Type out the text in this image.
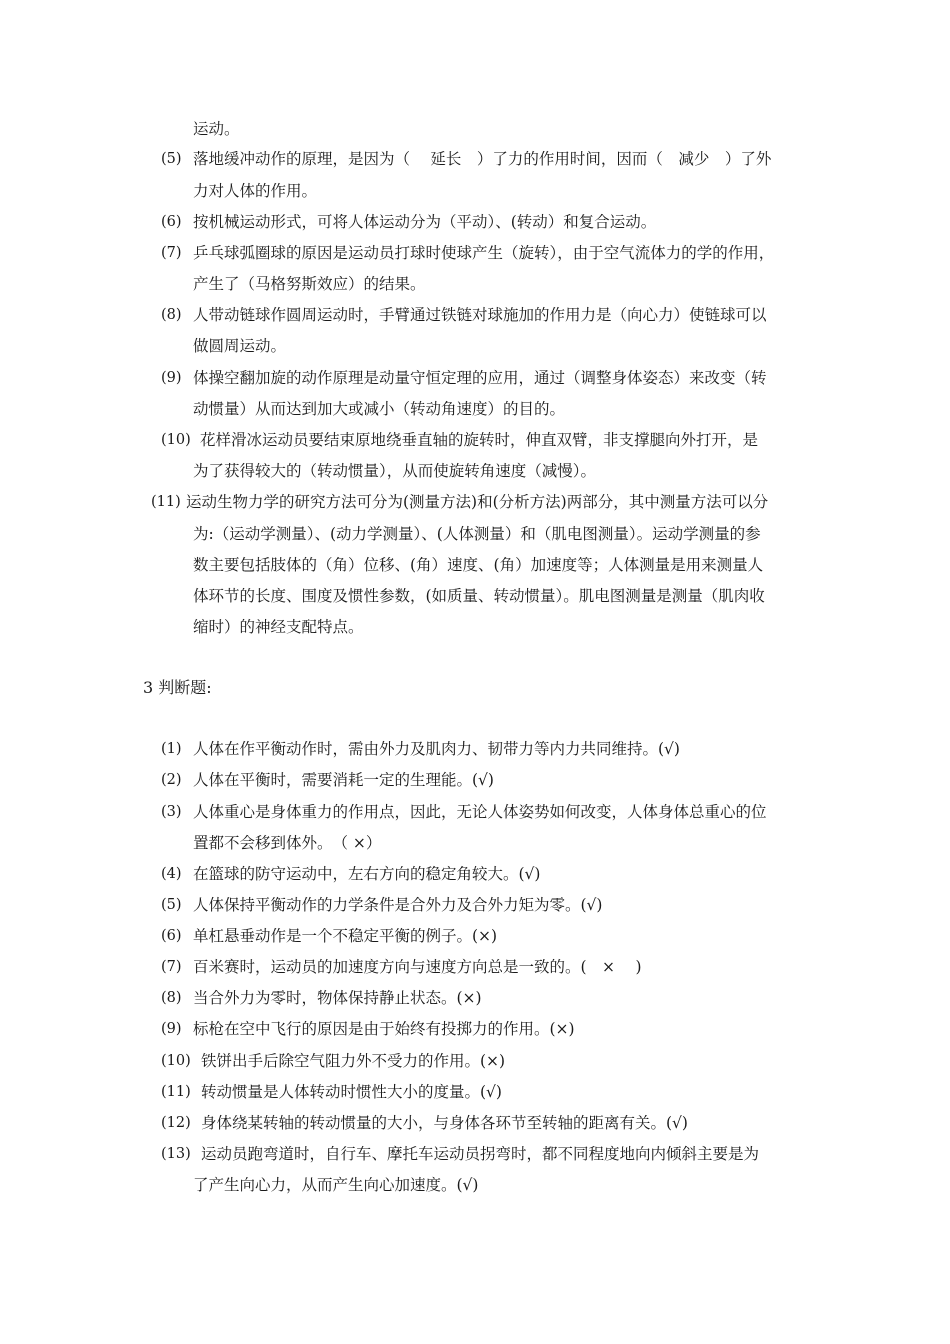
运动。
(5) 落地缓冲动作的原理，是因为（　 延长　）了力的作用时间，因而（　减少　）了外
力对人体的作用。
(6) 按机械运动形式，可将人体运动分为（平动）、(转动）和复合运动。
(7) 乒乓球弧圈球的原因是运动员打球时使球产生（旋转），由于空气流体力的学的作用，
产生了（马格努斯效应）的结果。
(8) 人带动链球作圆周运动时，手臂通过铁链对球施加的作用力是（向心力）使链球可以
做圆周运动。
(9) 体操空翻加旋的动作原理是动量守恒定理的应用，通过（调整身体姿态）来改变（转
动惯量）从而达到加大或减小（转动角速度）的目的。
(10) 花样滑冰运动员要结束原地绕垂直轴的旋转时，伸直双臂，非支撑腿向外打开，是
为了获得较大的（转动惯量），从而使旋转角速度（减慢）。
(11) 运动生物力学的研究方法可分为(测量方法)和(分析方法)两部分，其中测量方法可以分
为:（运动学测量）、(动力学测量）、(人体测量）和（肌电图测量）。运动学测量的参
数主要包括肢体的（角）位移、(角）速度、(角）加速度等；人体测量是用来测量人
体环节的长度、围度及惯性参数，(如质量、转动惯量）。肌电图测量是测量（肌肉收
缩时）的神经支配特点。
3 判断题:
(1) 人体在作平衡动作时，需由外力及肌肉力、韧带力等内力共同维持。(√)
(2) 人体在平衡时，需要消耗一定的生理能。(√)
(3) 人体重心是身体重力的作用点，因此，无论人体姿势如何改变，人体身体总重心的位
置都不会移到体外。　（ ×）
(4) 在篮球的防守运动中，左右方向的稳定角较大。(√)
(5) 人体保持平衡动作的力学条件是合外力及合外力矩为零。(√)
(6) 单杠悬垂动作是一个不稳定平衡的例子。(×)
(7) 百米赛时，运动员的加速度方向与速度方向总是一致的。(　×　 )
(8) 当合外力为零时，物体保持静止状态。(×)
(9) 标枪在空中飞行的原因是由于始终有投掷力的作用。(×)
(10) 铁饼出手后除空气阻力外不受力的作用。(×)
(11) 转动惯量是人体转动时惯性大小的度量。(√)
(12) 身体绕某转轴的转动惯量的大小，与身体各环节至转轴的距离有关。(√)
(13) 运动员跑弯道时，自行车、摩托车运动员拐弯时，都不同程度地向内倾斜主要是为
了产生向心力，从而产生向心加速度。(√)
